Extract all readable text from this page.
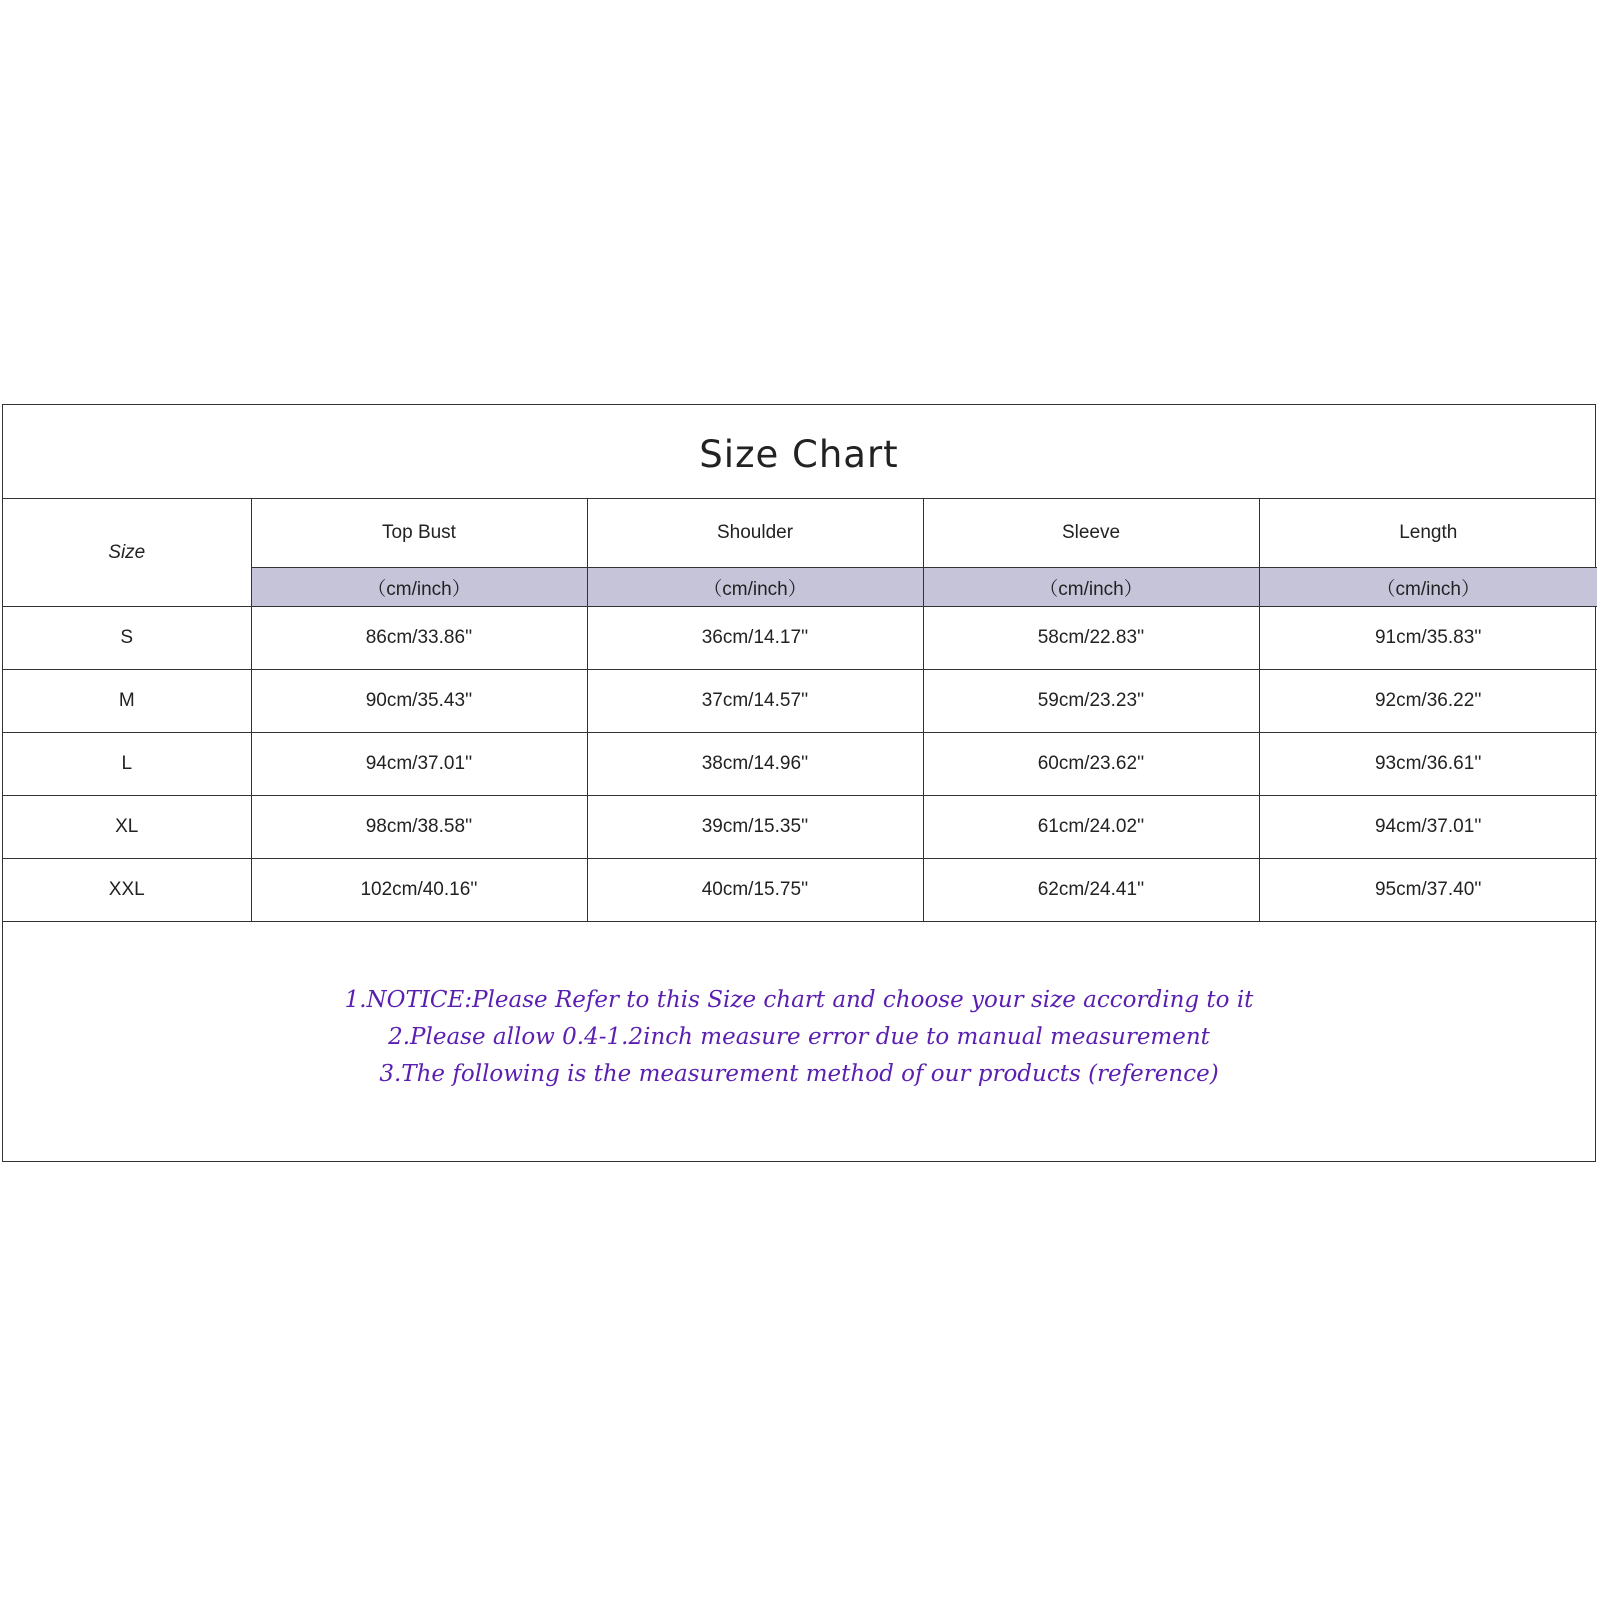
Size Chart
Size	Top Bust	Shoulder	Sleeve	Length
	（cm/inch）	（cm/inch）	（cm/inch）	（cm/inch）
S	86cm/33.86''	36cm/14.17''	58cm/22.83''	91cm/35.83''
M	90cm/35.43''	37cm/14.57''	59cm/23.23''	92cm/36.22''
L	94cm/37.01''	38cm/14.96''	60cm/23.62''	93cm/36.61''
XL	98cm/38.58''	39cm/15.35''	61cm/24.02''	94cm/37.01''
XXL	102cm/40.16''	40cm/15.75''	62cm/24.41''	95cm/37.40''
1.NOTICE:Please Refer to this Size chart and choose your size according to it
2.Please allow 0.4-1.2inch measure error due to manual measurement
3.The following is the measurement method of our products (reference)
